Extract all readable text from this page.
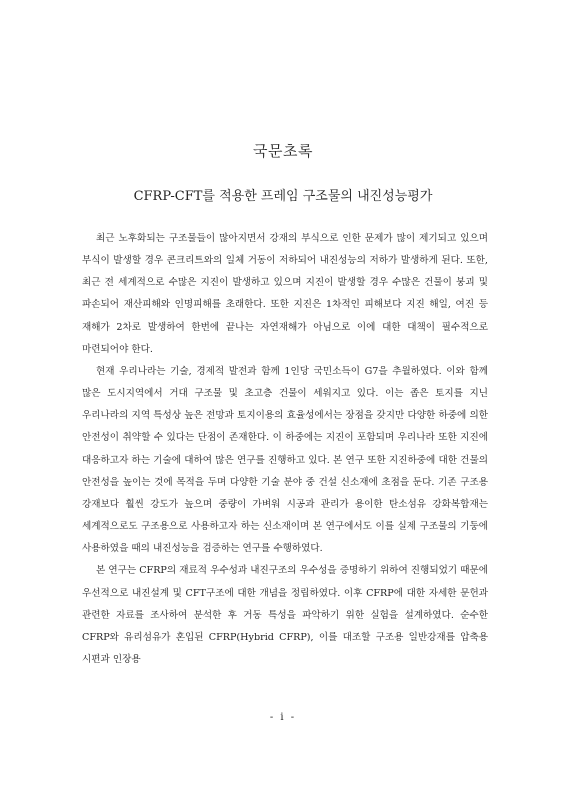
국문초록
CFRP-CFT를 적용한 프레임 구조물의 내진성능평가

최근 노후화되는 구조물들이 많아지면서 강재의 부식으로 인한 문제가 많이 제기되고 있으며 부식이 발생할 경우 콘크리트와의 일체 거동이 저하되어 내진성능의 저하가 발생하게 된다. 또한, 최근 전 세계적으로 수많은 지진이 발생하고 있으며 지진이 발생할 경우 수많은 건물이 붕괴 및 파손되어 재산피해와 인명피해를 초래한다. 또한 지진은 1차적인 피해보다 지진 해일, 여진 등 재해가 2차로 발생하여 한번에 끝나는 자연재해가 아님으로 이에 대한 대책이 필수적으로 마련되어야 한다.

현재 우리나라는 기술, 경제적 발전과 함께 1인당 국민소득이 G7을 추월하였다. 이와 함께 많은 도시지역에서 거대 구조물 및 초고층 건물이 세워지고 있다. 이는 좁은 토지를 지닌 우리나라의 지역 특성상 높은 전망과 토지이용의 효율성에서는 장점을 갖지만 다양한 하중에 의한 안전성이 취약할 수 있다는 단점이 존재한다. 이 하중에는 지진이 포함되며 우리나라 또한 지진에 대응하고자 하는 기술에 대하여 많은 연구를 진행하고 있다. 본 연구 또한 지진하중에 대한 건물의 안전성을 높이는 것에 목적을 두며 다양한 기술 분야 중 건설 신소재에 초점을 둔다. 기존 구조용 강재보다 훨씬 강도가 높으며 중량이 가벼워 시공과 관리가 용이한 탄소섬유 강화복합재는 세계적으로도 구조용으로 사용하고자 하는 신소재이며 본 연구에서도 이를 실제 구조물의 기둥에 사용하였을 때의 내진성능을 검증하는 연구를 수행하였다.

본 연구는 CFRP의 재료적 우수성과 내진구조의 우수성을 증명하기 위하여 진행되었기 때문에 우선적으로 내진설계 및 CFT구조에 대한 개념을 정립하였다. 이후 CFRP에 대한 자세한 문헌과 관련한 자료를 조사하여 분석한 후 거동 특성을 파악하기 위한 실험을 설계하였다. 순수한 CFRP와 유리섬유가 혼입된 CFRP(Hybrid CFRP), 이를 대조할 구조용 일반강재를 압축용 시편과 인장용

- i -
